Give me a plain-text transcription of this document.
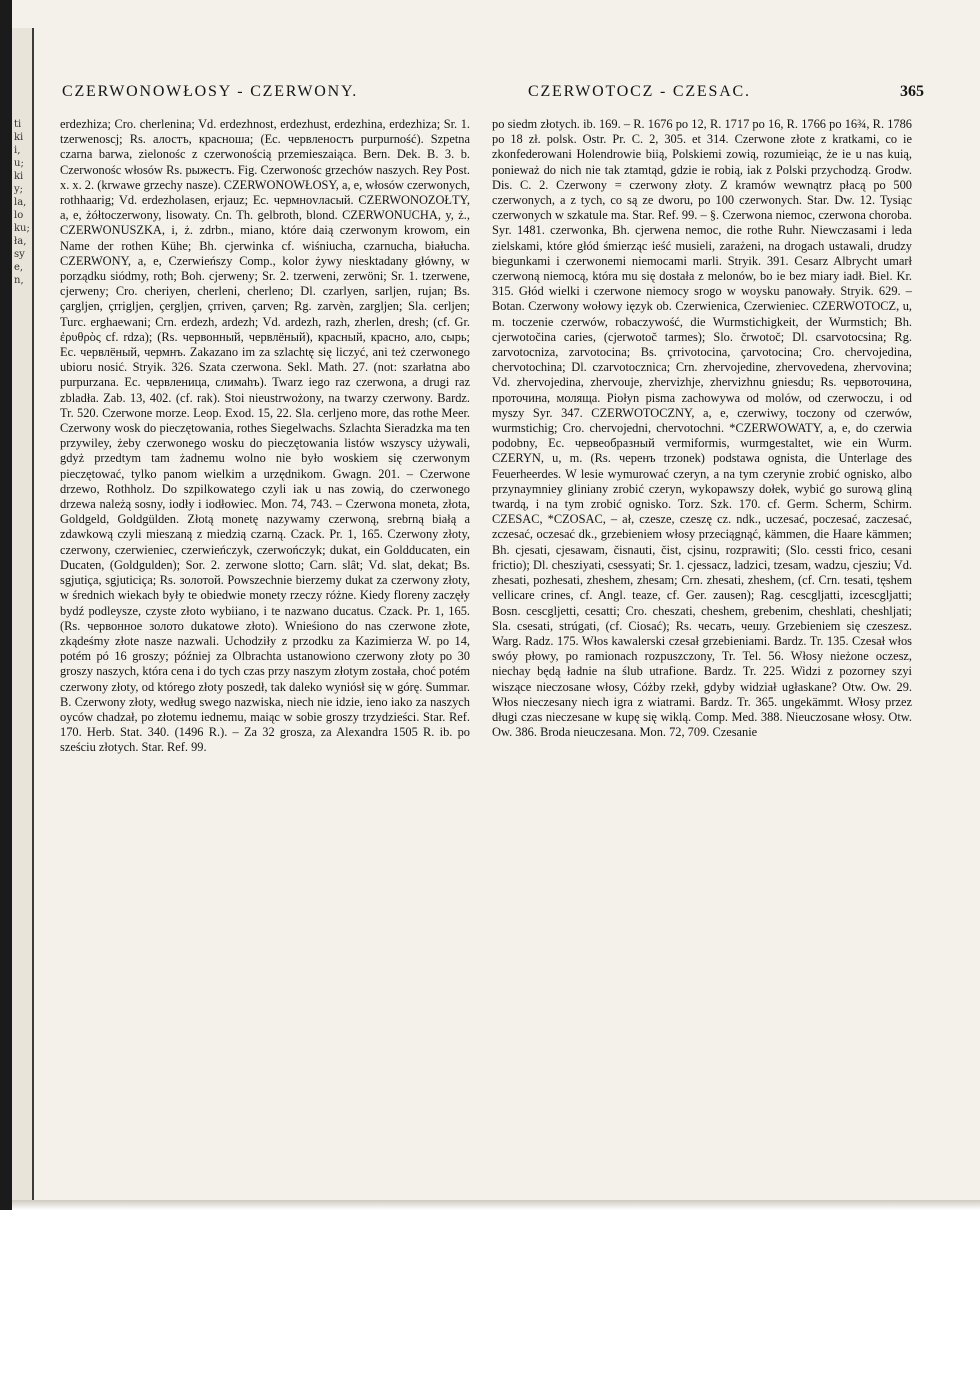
ti
ki
i,
u;
ki
y;
la,
lo
ku;
ła,
sy
e,
n,
CZERWONOWŁOSY - CZERWONY.	CZERWOTOCZ - CZESAC.	365

erdezhiza; Cro. cherlenina; Vd. erdezhnost, erdezhust, erdezhina, erdezhiza; Sr. 1. tzerwenoscj; Rs. алостъ, красноша; (Ec. червленостъ purpurność). Szpetna czarna barwa, zielonośc z czerwonością przemieszaiąca. Bern. Dek. B. 3. b. Czerwonośc włosów Rs. рыжестъ. Fig. Czerwonośc grzechów naszych. Rey Post. x. x. 2. (krwawe grzechy nasze). CZERWONOWŁOSY, a, e, włosów czerwonych, rothhaarig; Vd. erdezholasen, erjauz; Ec. чермноvласый. CZERWONOZOŁTY, a, e, żółtoczerwony, lisowaty. Cn. Th. gelbroth, blond. CZERWONUCHA, y, ż., CZERWONUSZKA, i, ż. zdrbn., miano, które daią czerwonym krowom, ein Name der rothen Kühe; Bh. cjerwinka cf. wiśniucha, czarnucha, białucha. CZERWONY, a, e, Czerwieńszy Comp., kolor żywy niesktadany główny, w porządku siódmy, roth; Boh. cjerweny; Sr. 2. tzerweni, zerwöni; Sr. 1. tzerwene, cjerweny; Cro. cheriyen, cherleni, cherleno; Dl. czarlyen, sarljen, rujan; Bs. çargljen, çrrigljen, çergljen, çrriven, çarven; Rg. zarvèn, zargljen; Sla. cerljen; Turc. erghaewani; Crn. erdezh, ardezh; Vd. ardezh, razh, zherlen, dresh; (cf. Gr. ἐρυθρὸς cf. rdza); (Rs. червонный, червлёный), красный, красно, ало, сырь; Ec. червлёный, чермнъ. Zakazano im za szlachtę się liczyć, ani też czerwonego ubioru nosić. Stryik. 326. Szata czerwona. Sekl. Math. 27. (not: szarłatna abo purpurzana. Ec. червленица, слимаhъ). Twarz iego raz czerwona, a drugi raz zbladła. Zab. 13, 402. (cf. rak). Stoi nieustrwożony, na twarzy czerwony. Bardz. Tr. 520. Czerwone morze. Leop. Exod. 15, 22. Sla. cerljeno more, das rothe Meer. Czerwony wosk do pieczętowania, rothes Siegelwachs. Szlachta Sieradzka ma ten przywiley, żeby czerwonego wosku do pieczętowania listów wszyscy używali, gdyż przedtym tam żadnemu wolno nie było woskiem się czerwonym pieczętować, tylko panom wielkim a urzędnikom. Gwagn. 201. – Czerwone drzewo, Rothholz. Do szpilkowatego czyli iak u nas zowią, do czerwonego drzewa należą sosny, iodły i iodłowiec. Mon. 74, 743. – Czerwona moneta, złota, Goldgeld, Goldgülden. Złotą monetę nazywamy czerwoną, srebrną białą a zdawkową czyli mieszaną z miedzią czarną. Czack. Pr. 1, 165. Czerwony złoty, czerwony, czerwieniec, czerwieńczyk, czerwończyk; dukat, ein Goldducaten, ein Ducaten, (Goldgulden); Sor. 2. zerwone slotto; Carn. slât; Vd. slat, dekat; Bs. sgjutiça, sgjuticiça; Rs. золотой. Powszechnie bierzemy dukat za czerwony złoty, w średnich wiekach były te obiedwie monety rzeczy różne. Kiedy floreny zaczęły bydź podleysze, czyste złoto wybiiano, i te nazwano ducatus. Czack. Pr. 1, 165. (Rs. червонное золото dukatowe złoto). Wnieśiono do nas czerwone złote, zkądeśmy złote nasze nazwali. Uchodziły z przodku za Kazimierza W. po 14, potém pó 16 groszy; później za Olbrachta ustanowiono czerwony złoty po 30 groszy naszych, która cena i do tych czas przy naszym złotym została, choć potém czerwony złoty, od którego złoty poszedł, tak daleko wyniósł się w górę. Summar. B. Czerwony złoty, według swego nazwiska, niech nie idzie, ieno iako za naszych oyców chadzał, po złotemu iednemu, maiąc w sobie groszy trzydzieści. Star. Ref. 170. Herb. Stat. 340. (1496 R.). – Za 32 grosza, za Alexandra 1505 R. ib. po sześciu złotych. Star. Ref. 99.

po siedm złotych. ib. 169. – R. 1676 po 12, R. 1717 po 16, R. 1766 po 16¾, R. 1786 po 18 zł. polsk. Ostr. Pr. C. 2, 305. et 314. Czerwone złote z kratkami, co ie zkonfederowani Holendrowie biią, Polskiemi zowią, rozumieiąc, że ie u nas kuią, ponieważ do nich nie tak ztamtąd, gdzie ie robią, iak z Polski przychodzą. Grodw. Dis. C. 2. Czerwony = czerwony złoty. Z kramów wewnątrz płacą po 500 czerwonych, a z tych, co są ze dworu, po 100 czerwonych. Star. Dw. 12. Tysiąc czerwonych w szkatule ma. Star. Ref. 99. – §. Czerwona niemoc, czerwona choroba. Syr. 1481. czerwonka, Bh. cjerwena nemoc, die rothe Ruhr. Niewczasami i leda zielskami, które głód śmierząc ieść musieli, zarażeni, na drogach ustawali, drudzy biegunkami i czerwonemi niemocami marli. Stryik. 391. Cesarz Albrycht umarł czerwoną niemocą, która mu się dostała z melonów, bo ie bez miary iadł. Biel. Kr. 315. Głód wielki i czerwone niemocy srogo w woysku panowały. Stryik. 629. – Botan. Czerwony wołowy ięzyk ob. Czerwienica, Czerwieniec. CZERWOTOCZ, u, m. toczenie czerwów, robaczywość, die Wurmstichigkeit, der Wurmstich; Bh. cjerwotočina caries, (cjerwotoč tarmes); Slo. črwotoč; Dl. csarvotocsina; Rg. zarvotocniza, zarvotocina; Bs. çrrivotocina, çarvotocina; Cro. chervojedina, chervotochina; Dl. czarvotocznica; Crn. zhervojedine, zhervovedena, zhervovina; Vd. zhervojedina, zhervouje, zhervizhje, zhervizhnu gniesdu; Rs. червоточина, проточина, моляща. Piołyn pisma zachowywa od molów, od czerwoczu, i od myszy Syr. 347. CZERWOTOCZNY, a, e, czerwiwy, toczony od czerwów, wurmstichig; Cro. chervojedni, chervotochni. *CZERWOWATY, a, e, do czerwia podobny, Ec. червеобразный vermiformis, wurmgestaltet, wie ein Wurm. CZERYN, u, m. (Rs. черенъ trzonek) podstawa ognista, die Unterlage des Feuerheerdes. W lesie wymurować czeryn, a na tym czerynie zrobić ognisko, albo przynaymniey gliniany zrobić czeryn, wykopawszy dołek, wybić go surową gliną twardą, i na tym zrobić ognisko. Torz. Szk. 170. cf. Germ. Scherm, Schirm. CZESAC, *CZOSAC, – ał, czesze, czeszę cz. ndk., uczesać, poczesać, zaczesać, zczesać, oczesać dk., grzebieniem włosy przeciągnąć, kämmen, die Haare kämmen; Bh. cjesati, cjesawam, čisnauti, čist, cjsinu, rozprawiti; (Slo. cessti frico, cesani frictio); Dl. chesziyati, csessyati; Sr. 1. cjessacz, ladzici, tzesam, wadzu, cjesziu; Vd. zhesati, pozhesati, zheshem, zhesam; Crn. zhesati, zheshem, (cf. Crn. tesati, tęshem vellicare crines, cf. Angl. teaze, cf. Ger. zausen); Rag. cescgljatti, izcescgljatti; Bosn. cescgljetti, cesatti; Cro. cheszati, cheshem, grebenim, cheshlati, cheshljati; Sla. csesati, strúgati, (cf. Ciosać); Rs. чесать, чешу. Grzebieniem się czeszesz. Warg. Radz. 175. Włos kawalerski czesał grzebieniami. Bardz. Tr. 135. Czesał włos swóy płowy, po ramionach rozpuszczony, Tr. Tel. 56. Włosy nieżone oczesz, niechay będą ładnie na ślub utrafione. Bardz. Tr. 225. Widzi z pozorney szyi wiszące nieczosane włosy, Cóżby rzekł, gdyby widział ugłaskane? Otw. Ow. 29. Włos nieczesany niech igra z wiatrami. Bardz. Tr. 365. ungekämmt. Włosy przez długi czas nieczesane w kupę się wiklą. Comp. Med. 388. Nieuczosane włosy. Otw. Ow. 386. Broda nieuczesana. Mon. 72, 709. Czesanie
